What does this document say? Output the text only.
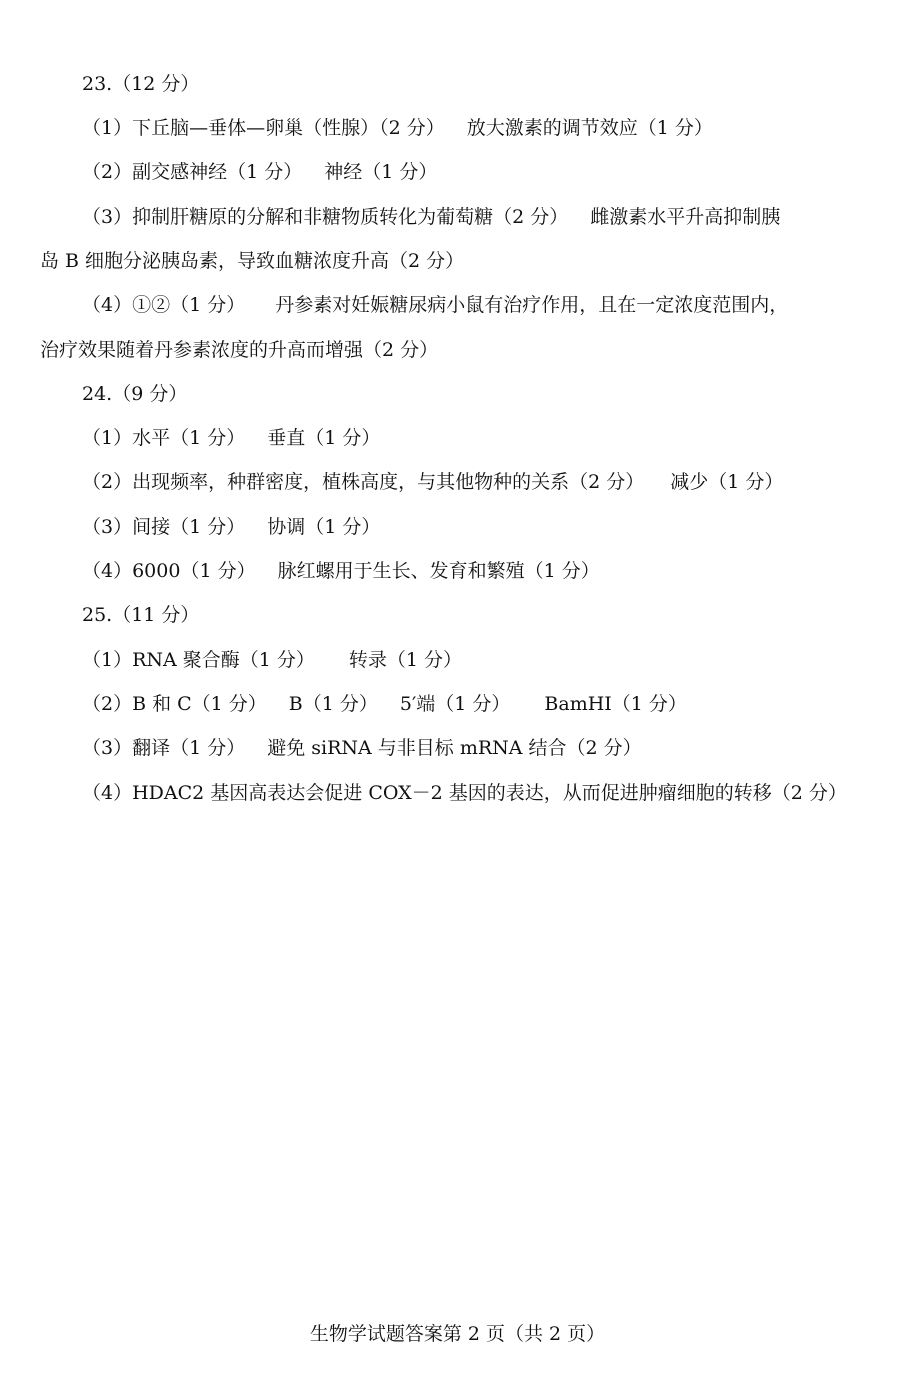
23.（12 分）
（1）下丘脑—垂体—卵巢（性腺）（2 分） 放大激素的调节效应（1 分）
（2）副交感神经（1 分） 神经（1 分）
（3）抑制肝糖原的分解和非糖物质转化为葡萄糖（2 分） 雌激素水平升高抑制胰
岛 B 细胞分泌胰岛素，导致血糖浓度升高（2 分）
（4）①②（1 分） 丹参素对妊娠糖尿病小鼠有治疗作用，且在一定浓度范围内，
治疗效果随着丹参素浓度的升高而增强（2 分）
24.（9 分）
（1）水平（1 分） 垂直（1 分）
（2）出现频率，种群密度，植株高度，与其他物种的关系（2 分） 减少（1 分）
（3）间接（1 分） 协调（1 分）
（4）6000（1 分） 脉红螺用于生长、发育和繁殖（1 分）
25.（11 分）
（1）RNA 聚合酶（1 分） 转录（1 分）
（2）B 和 C（1 分） B（1 分） 5′端（1 分） BamHⅠ（1 分）
（3）翻译（1 分） 避免 siRNA 与非目标 mRNA 结合（2 分）
（4）HDAC2 基因高表达会促进 COX－2 基因的表达，从而促进肿瘤细胞的转移（2 分）
生物学试题答案第 2 页（共 2 页）
